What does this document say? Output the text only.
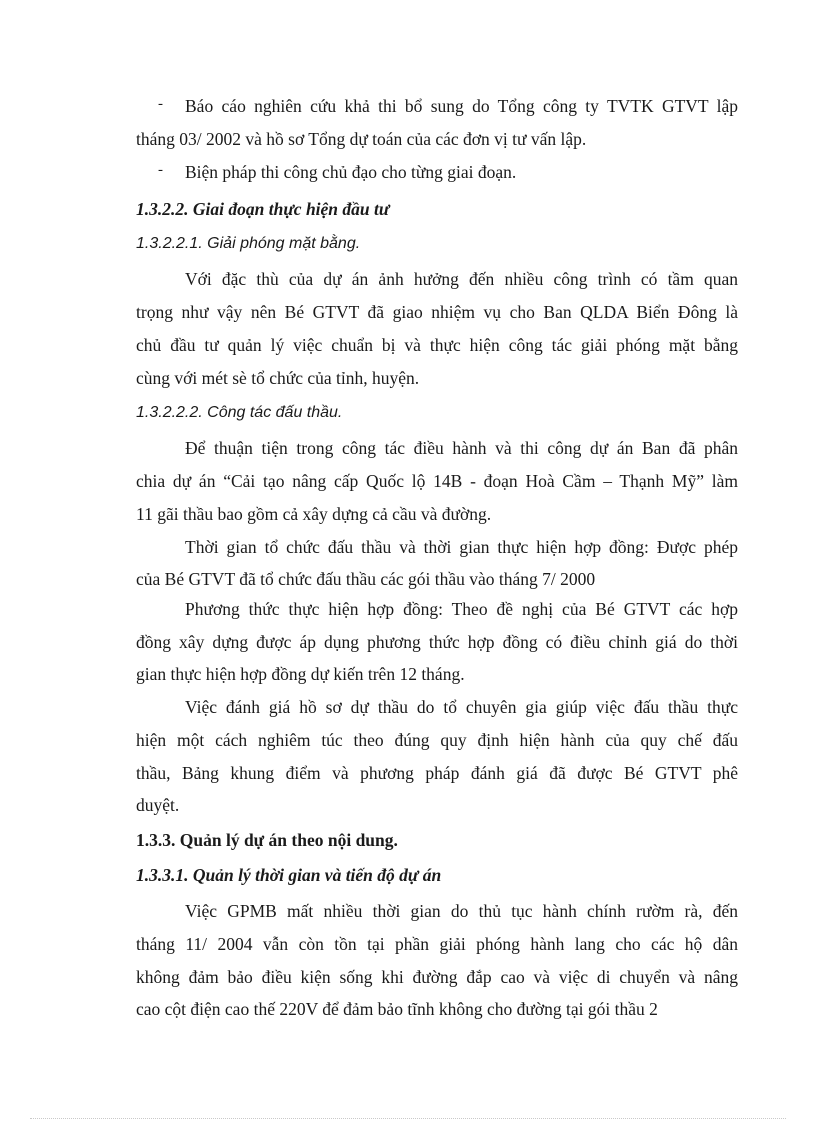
- Báo cáo nghiên cứu khả thi bổ sung do Tổng công ty TVTK GTVT lập
tháng 03/ 2002 và hồ sơ Tổng dự toán của các đơn vị tư vấn lập.
- Biện pháp thi công chủ đạo cho từng giai đoạn.
1.3.2.2. Giai đoạn thực hiện đầu tư
1.3.2.2.1. Giải phóng mặt bằng.
Với đặc thù của dự án ảnh hưởng đến nhiều công trình có tầm quan
trọng như vậy nên Bé GTVT đã giao nhiệm vụ cho Ban QLDA Biển Đông là
chủ đầu tư quản lý việc chuẩn bị và thực hiện công tác giải phóng mặt bằng
cùng với mét sè tổ chức của tỉnh, huyện.
1.3.2.2.2. Công tác đấu thầu.
Để thuận tiện trong công tác điều hành và thi công dự án Ban đã phân
chia dự án “Cải tạo nâng cấp Quốc lộ 14B - đoạn Hoà Cầm – Thạnh Mỹ” làm
11 gãi thầu bao gồm cả xây dựng cả cầu và đường.
Thời gian tổ chức đấu thầu và thời gian thực hiện hợp đồng: Được phép
của Bé GTVT đã tổ chức đấu thầu các gói thầu vào tháng 7/ 2000
Phương thức thực hiện hợp đồng: Theo đề nghị của Bé GTVT các hợp
đồng xây dựng được áp dụng phương thức hợp đồng có điều chỉnh giá do thời
gian thực hiện hợp đồng dự kiến trên 12 tháng.
Việc đánh giá hồ sơ dự thầu do tổ chuyên gia giúp việc đấu thầu thực
hiện một cách nghiêm túc theo đúng quy định hiện hành của quy chế đấu
thầu, Bảng khung điểm và phương pháp đánh giá đã được Bé GTVT phê
duyệt.
1.3.3. Quản lý dự án theo nội dung.
1.3.3.1. Quản lý thời gian và tiến độ dự án
Việc GPMB mất nhiều thời gian do thủ tục hành chính rườm rà, đến
tháng 11/ 2004 vẫn còn tồn tại phần giải phóng hành lang cho các hộ dân
không đảm bảo điều kiện sống khi đường đắp cao và việc di chuyển và nâng
cao cột điện cao thế 220V để đảm bảo tĩnh không cho đường tại gói thầu 2
